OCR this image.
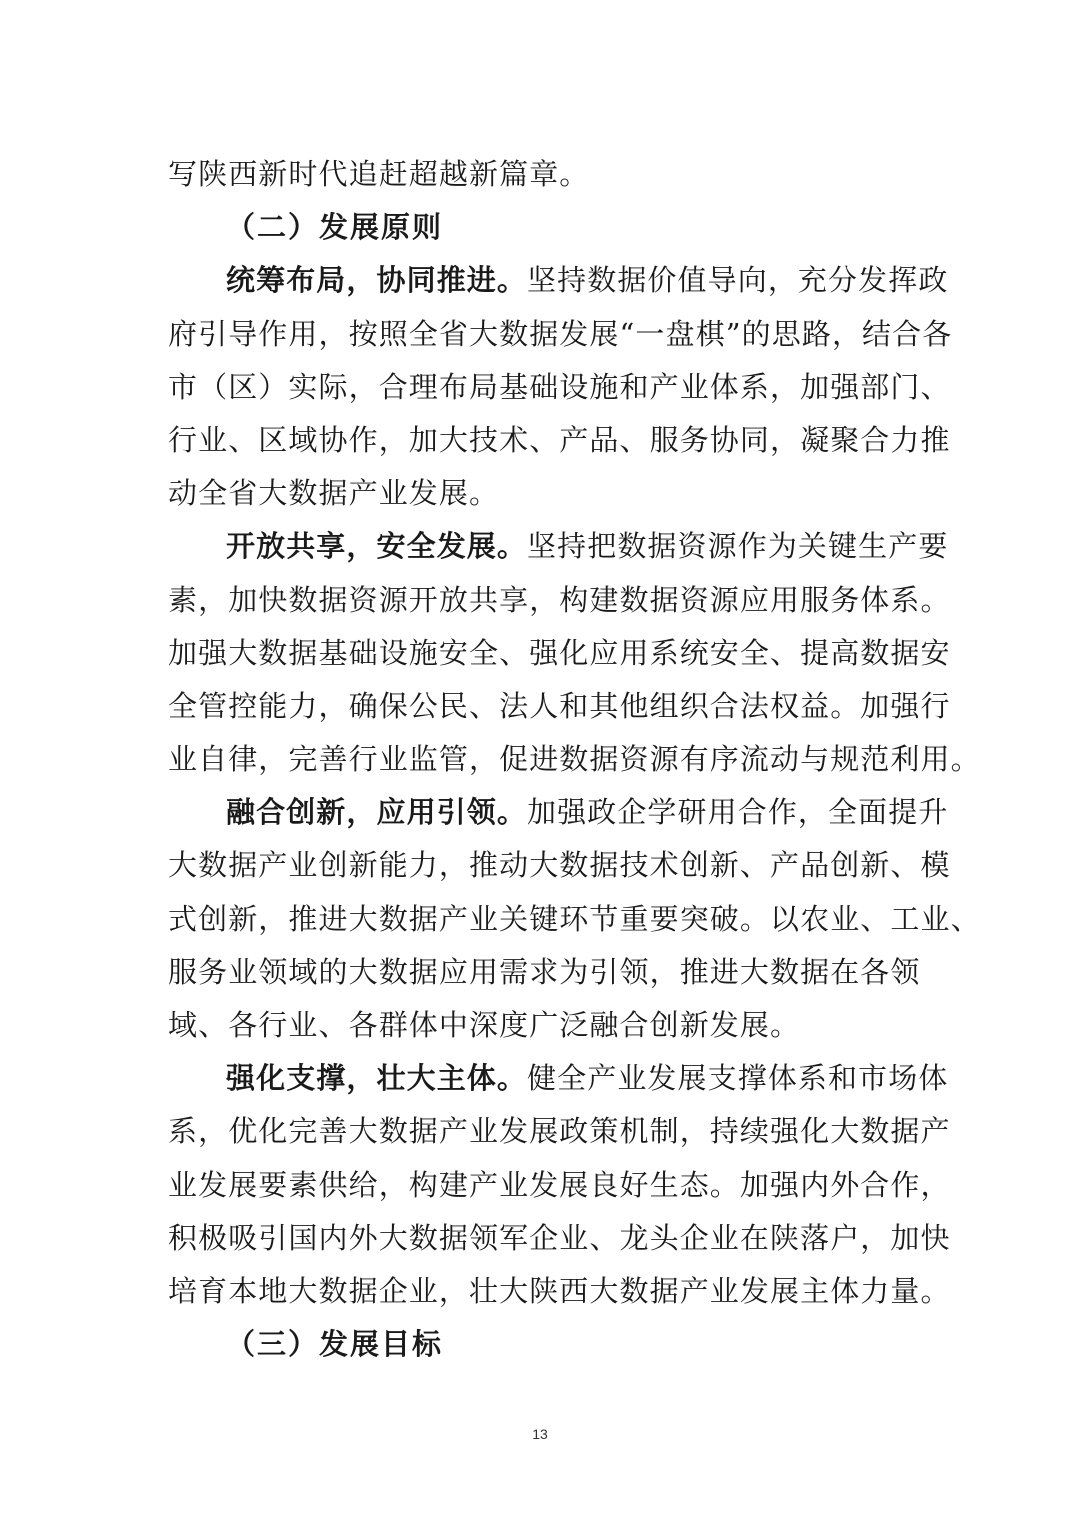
写陕西新时代追赶超越新篇章。
（二）发展原则
统筹布局，协同推进。坚持数据价值导向，充分发挥政
府引导作用，按照全省大数据发展“一盘棋”的思路，结合各
市（区）实际，合理布局基础设施和产业体系，加强部门、
行业、区域协作，加大技术、产品、服务协同，凝聚合力推
动全省大数据产业发展。
开放共享，安全发展。坚持把数据资源作为关键生产要
素，加快数据资源开放共享，构建数据资源应用服务体系。
加强大数据基础设施安全、强化应用系统安全、提高数据安
全管控能力，确保公民、法人和其他组织合法权益。加强行
业自律，完善行业监管，促进数据资源有序流动与规范利用。
融合创新，应用引领。加强政企学研用合作，全面提升
大数据产业创新能力，推动大数据技术创新、产品创新、模
式创新，推进大数据产业关键环节重要突破。以农业、工业、
服务业领域的大数据应用需求为引领，推进大数据在各领
域、各行业、各群体中深度广泛融合创新发展。
强化支撑，壮大主体。健全产业发展支撑体系和市场体
系，优化完善大数据产业发展政策机制，持续强化大数据产
业发展要素供给，构建产业发展良好生态。加强内外合作，
积极吸引国内外大数据领军企业、龙头企业在陕落户，加快
培育本地大数据企业，壮大陕西大数据产业发展主体力量。
（三）发展目标
13
